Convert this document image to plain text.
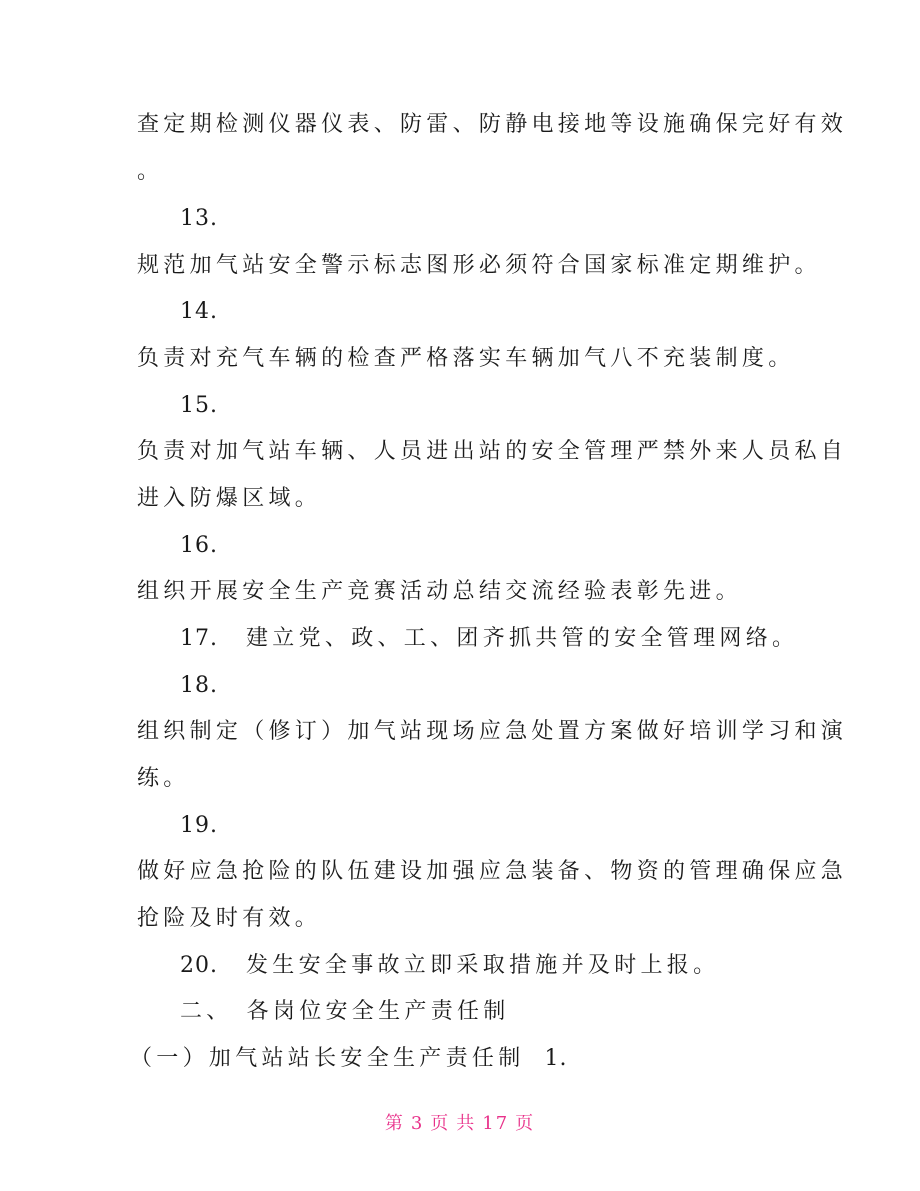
查定期检测仪器仪表、防雷、防静电接地等设施确保完好有效
。
13.
规范加气站安全警示标志图形必须符合国家标准定期维护。
14.
负责对充气车辆的检查严格落实车辆加气八不充装制度。
15.
负责对加气站车辆、人员进出站的安全管理严禁外来人员私自
进入防爆区域。
16.
组织开展安全生产竞赛活动总结交流经验表彰先进。
17. 建立党、政、工、团齐抓共管的安全管理网络。
18.
组织制定（修订）加气站现场应急处置方案做好培训学习和演
练。
19.
做好应急抢险的队伍建设加强应急装备、物资的管理确保应急
抢险及时有效。
20. 发生安全事故立即采取措施并及时上报。
二、 各岗位安全生产责任制
（一）加气站站长安全生产责任制 1.
第 3 页 共 17 页
